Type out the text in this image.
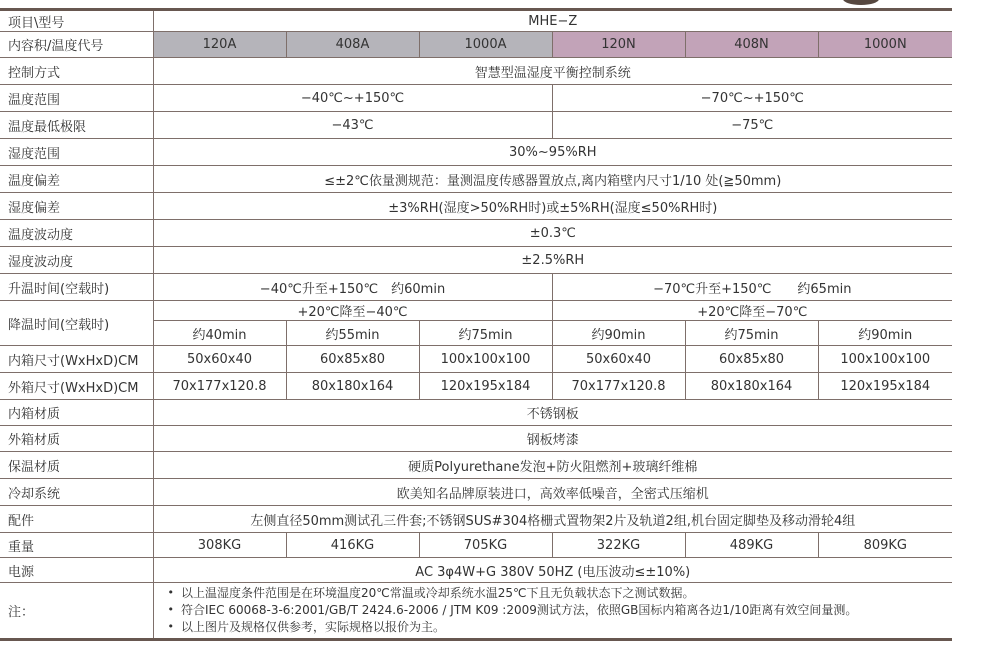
项目\型号	MHE−Z					
内容积/温度代号	120A	408A	1000A	120N	408N	1000N
控制方式	智慧型温湿度平衡控制系统					
温度范围	−40℃~+150℃			−70℃~+150℃		
温度最低极限	−43℃			−75℃		
湿度范围	30%~95%RH					
温度偏差	≤±2℃依量测规范：量测温度传感器置放点,离内箱壁内尺寸1/10 处(≧50mm)					
湿度偏差	±3%RH(湿度>50%RH时)或±5%RH(湿度≤50%RH时)					
温度波动度	±0.3℃					
湿度波动度	±2.5%RH					
升温时间(空载时)	−40℃升至+150℃　约60min			−70℃升至+150℃　　约65min		
降温时间(空载时)	+20℃降至−40℃			+20℃降至−70℃		
	约40min	约55min	约75min	约90min	约75min	约90min
内箱尺寸(WxHxD)CM	50x60x40	60x85x80	100x100x100	50x60x40	60x85x80	100x100x100
外箱尺寸(WxHxD)CM	70x177x120.8	80x180x164	120x195x184	70x177x120.8	80x180x164	120x195x184
内箱材质	不锈钢板					
外箱材质	钢板烤漆					
保温材质	硬质Polyurethane发泡+防火阻燃剂+玻璃纤维棉					
冷却系统	欧美知名品牌原装进口，高效率低噪音，全密式压缩机					
配件	左侧直径50mm测试孔三件套;不锈钢SUS#304格栅式置物架2片及轨道2组,机台固定脚垫及移动滑轮4组					
重量	308KG	416KG	705KG	322KG	489KG	809KG
电源	AC 3φ4W+G 380V 50HZ (电压波动≤±10%)					
注：	
• 以上温湿度条件范围是在环境温度20℃常温或冷却系统水温25℃下且无负载状态下之测试数据。
• 符合IEC 60068-3-6:2001/GB/T 2424.6-2006 / JTM K09 :2009测试方法，依照GB国标内箱离各边1/10距离有效空间量测。
• 以上图片及规格仅供参考，实际规格以报价为主。
